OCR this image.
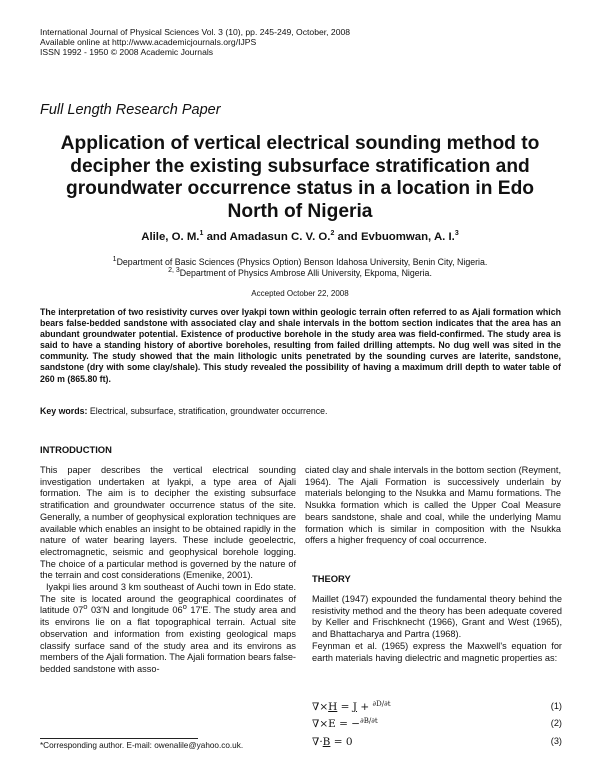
International Journal of Physical Sciences Vol. 3 (10), pp. 245-249, October, 2008
Available online at http://www.academicjournals.org/IJPS
ISSN 1992 - 1950 © 2008 Academic Journals
Full Length Research Paper
Application of vertical electrical sounding method to decipher the existing subsurface stratification and groundwater occurrence status in a location in Edo North of Nigeria
Alile, O. M.$^1$ and Amadasun C. V. O.$^2$ and Evbuomwan, A. I.$^3$
$^1$Department of Basic Sciences (Physics Option) Benson Idahosa University, Benin City, Nigeria.
$^{2, 3}$Department of Physics Ambrose Alli University, Ekpoma, Nigeria.
Accepted October 22, 2008

The interpretation of two resistivity curves over Iyakpi town within geologic terrain often referred to as Ajali formation which bears false-bedded sandstone with associated clay and shale intervals in the bottom section indicates that the area has an abundant groundwater potential. Existence of productive borehole in the study area was field-confirmed. The study area is said to have a standing history of abortive boreholes, resulting from failed drilling attempts. No dug well was sited in the community. The study showed that the main lithologic units penetrated by the sounding curves are laterite, sandstone, sandstone (dry with some clay/shale). This study revealed the possibility of having a maximum drill depth to water table of 260 m (865.80 ft).

Key words: Electrical, subsurface, stratification, groundwater occurrence.
INTRODUCTION

This paper describes the vertical electrical sounding investigation undertaken at Iyakpi, a type area of Ajali formation. The aim is to decipher the existing subsurface stratification and groundwater occurrence status of the site. Generally, a number of geophysical exploration techniques are available which enables an insight to be obtained rapidly in the nature of water bearing layers. These include geoelectric, electromagnetic, seismic and geophysical borehole logging. The choice of a particular method is governed by the nature of the terrain and cost considerations (Emenike, 2001).

Iyakpi lies around 3 km southeast of Auchi town in Edo state. The site is located around the geographical coordinates of latitude 07$^o$ 03'N and longitude 06$^o$ 17'E. The study area and its environs lie on a flat topographical terrain. Actual site observation and information from existing geological maps classify surface sand of the study area and its environs as members of the Ajali formation. The Ajali formation bears false-bedded sandstone with asso-

ciated clay and shale intervals in the bottom section (Reyment, 1964). The Ajali Formation is successively underlain by materials belonging to the Nsukka and Mamu formations. The Nsukka formation which is called the Upper Coal Measure bears sandstone, shale and coal, while the underlying Mamu formation which is similar in composition with the Nsukka offers a higher frequency of coal occurrence.

THEORY

Maillet (1947) expounded the fundamental theory behind the resistivity method and the theory has been adequate covered by Keller and Frischknecht (1966), Grant and West (1965), and Bhattacharya and Partra (1968).

Feynman et al. (1965) express the Maxwell's equation for earth materials having dielectric and magnetic properties as:

∇×H = J + $^{\partial D/\partial t}$	(1)
∇×E = −$^{\partial B/\partial t}$	(2)
∇·B = 0	(3)
*Corresponding author. E-mail: owenalile@yahoo.co.uk.
